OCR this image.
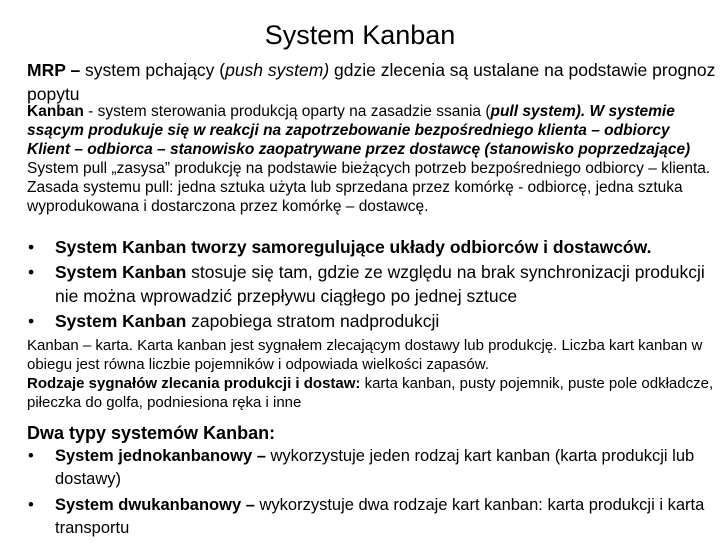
System Kanban

MRP – system pchający (push system) gdzie zlecenia są ustalane na podstawie prognoz popytu

Kanban - system sterowania produkcją oparty na zasadzie ssania (pull system). W systemie ssącym produkuje się w reakcji na zapotrzebowanie bezpośredniego klienta – odbiorcy

Klient – odbiorca – stanowisko zaopatrywane przez dostawcę (stanowisko poprzedzające)

System pull „zasysa” produkcję na podstawie bieżących potrzeb bezpośredniego odbiorcy – klienta. Zasada systemu pull: jedna sztuka użyta lub sprzedana przez komórkę - odbiorcę, jedna sztuka wyprodukowana i dostarczona przez komórkę – dostawcę.

• System Kanban tworzy samoregulujące układy odbiorców i dostawców.
• System Kanban stosuje się tam, gdzie ze względu na brak synchronizacji produkcji nie można wprowadzić przepływu ciągłego po jednej sztuce
• System Kanban zapobiega stratom nadprodukcji

Kanban – karta. Karta kanban jest sygnałem zlecającym dostawy lub produkcję. Liczba kart kanban w obiegu jest równa liczbie pojemników i odpowiada wielkości zapasów.

Rodzaje sygnałów zlecania produkcji i dostaw: karta kanban, pusty pojemnik, puste pole odkładcze, piłeczka do golfa, podniesiona ręka i inne

Dwa typy systemów Kanban:
• System jednokanbanowy – wykorzystuje jeden rodzaj kart kanban (karta produkcji lub dostawy)
• System dwukanbanowy – wykorzystuje dwa rodzaje kart kanban: karta produkcji i karta transportu
